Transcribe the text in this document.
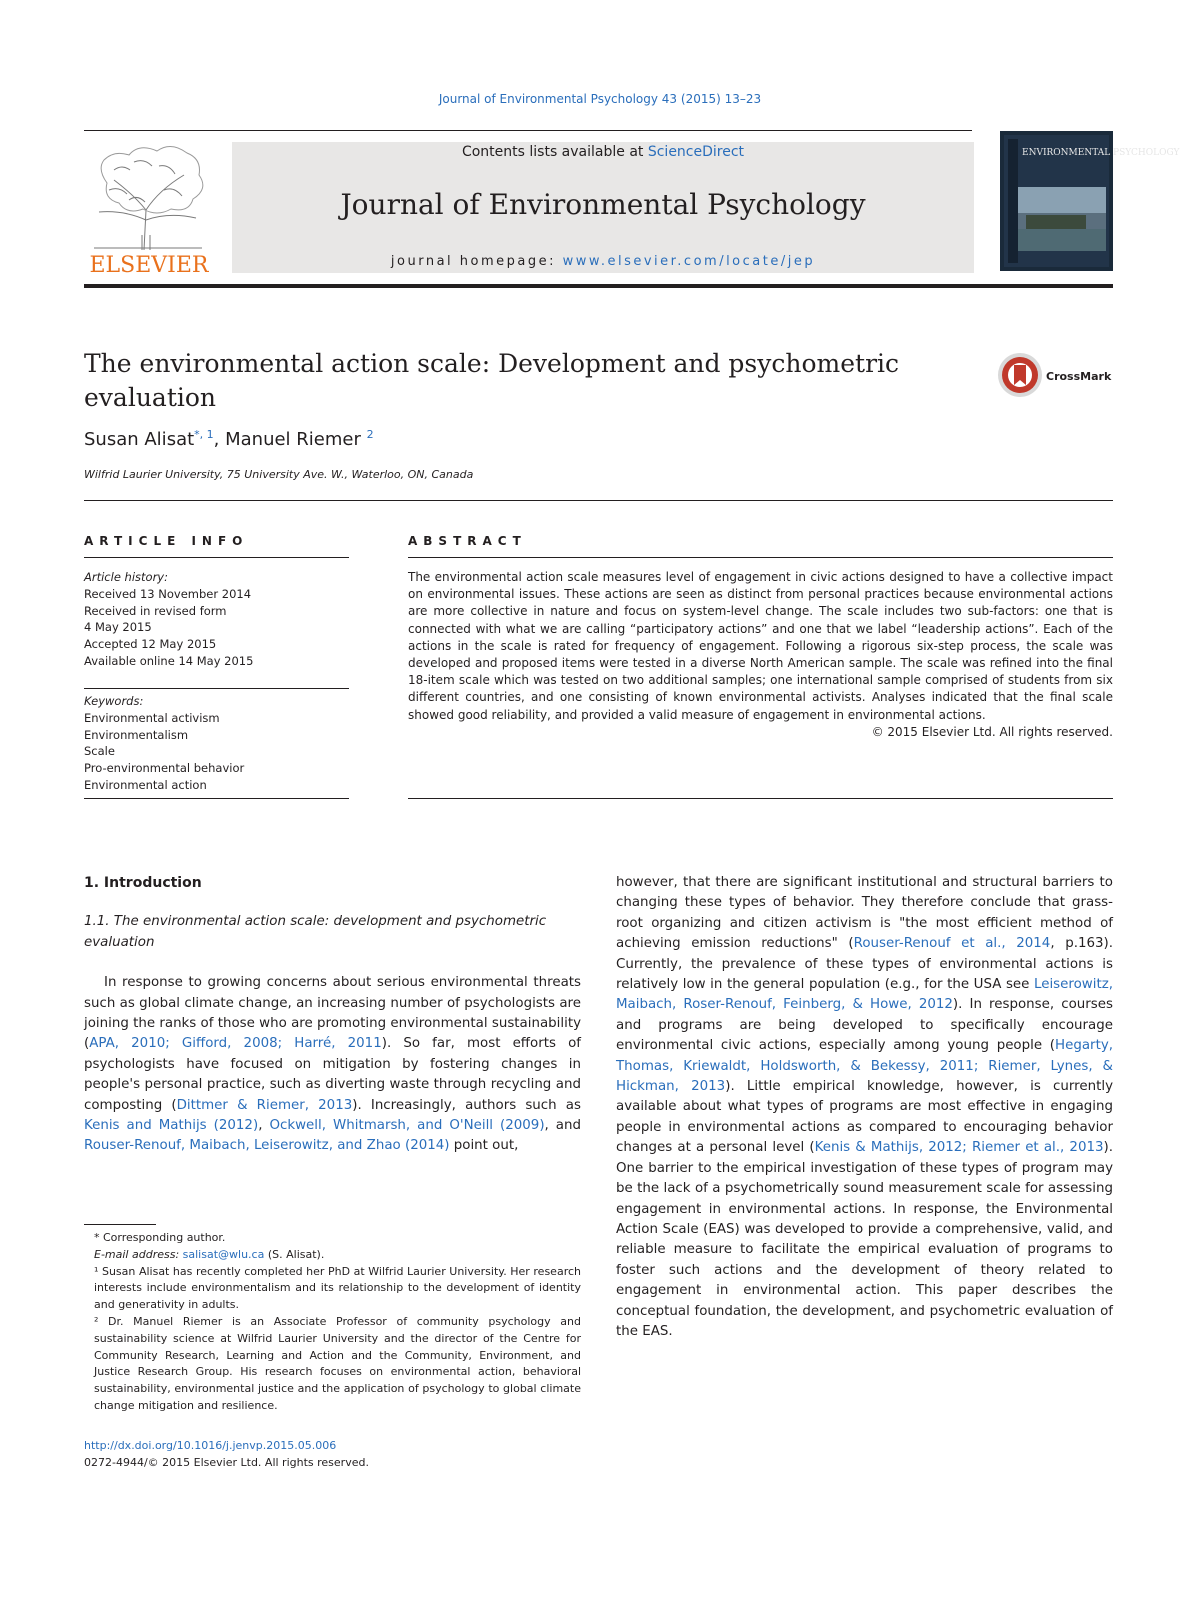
Journal of Environmental Psychology 43 (2015) 13–23
ELSEVIER
Contents lists available at ScienceDirect
Journal of Environmental Psychology
journal homepage: www.elsevier.com/locate/jep
ENVIRONMENTAL PSYCHOLOGY
The environmental action scale: Development and psychometric evaluation
CrossMark
Susan Alisat$^{*, 1}$, Manuel Riemer $^2$
Wilfrid Laurier University, 75 University Ave. W., Waterloo, ON, Canada
ARTICLE INFO	ABSTRACT
Article history:
Received 13 November 2014
Received in revised form
4 May 2015
Accepted 12 May 2015
Available online 14 May 2015
Keywords:
Environmental activism
Environmentalism
Scale
Pro-environmental behavior
Environmental action
The environmental action scale measures level of engagement in civic actions designed to have a collective impact on environmental issues. These actions are seen as distinct from personal practices because environmental actions are more collective in nature and focus on system-level change. The scale includes two sub-factors: one that is connected with what we are calling “participatory actions” and one that we label “leadership actions”. Each of the actions in the scale is rated for frequency of engagement. Following a rigorous six-step process, the scale was developed and proposed items were tested in a diverse North American sample. The scale was refined into the final 18-item scale which was tested on two additional samples; one international sample comprised of students from six different countries, and one consisting of known environmental activists. Analyses indicated that the final scale showed good reliability, and provided a valid measure of engagement in environmental actions.
© 2015 Elsevier Ltd. All rights reserved.
1. Introduction
1.1. The environmental action scale: development and psychometric evaluation

In response to growing concerns about serious environmental threats such as global climate change, an increasing number of psychologists are joining the ranks of those who are promoting environmental sustainability (APA, 2010; Gifford, 2008; Harré, 2011). So far, most efforts of psychologists have focused on mitigation by fostering changes in people's personal practice, such as diverting waste through recycling and composting (Dittmer & Riemer, 2013). Increasingly, authors such as Kenis and Mathijs (2012), Ockwell, Whitmarsh, and O'Neill (2009), and Rouser-Renouf, Maibach, Leiserowitz, and Zhao (2014) point out,

however, that there are significant institutional and structural barriers to changing these types of behavior. They therefore conclude that grass-root organizing and citizen activism is "the most efficient method of achieving emission reductions" (Rouser-Renouf et al., 2014, p.163). Currently, the prevalence of these types of environmental actions is relatively low in the general population (e.g., for the USA see Leiserowitz, Maibach, Roser-Renouf, Feinberg, & Howe, 2012). In response, courses and programs are being developed to specifically encourage environmental civic actions, especially among young people (Hegarty, Thomas, Kriewaldt, Holdsworth, & Bekessy, 2011; Riemer, Lynes, & Hickman, 2013). Little empirical knowledge, however, is currently available about what types of programs are most effective in engaging people in environmental actions as compared to encouraging behavior changes at a personal level (Kenis & Mathijs, 2012; Riemer et al., 2013). One barrier to the empirical investigation of these types of program may be the lack of a psychometrically sound measurement scale for assessing engagement in environmental actions. In response, the Environmental Action Scale (EAS) was developed to provide a comprehensive, valid, and reliable measure to facilitate the empirical evaluation of programs to foster such actions and the development of theory related to engagement in environmental action. This paper describes the conceptual foundation, the development, and psychometric evaluation of the EAS.

* Corresponding author.

E-mail address: salisat@wlu.ca (S. Alisat).

¹ Susan Alisat has recently completed her PhD at Wilfrid Laurier University. Her research interests include environmentalism and its relationship to the development of identity and generativity in adults.

² Dr. Manuel Riemer is an Associate Professor of community psychology and sustainability science at Wilfrid Laurier University and the director of the Centre for Community Research, Learning and Action and the Community, Environment, and Justice Research Group. His research focuses on environmental action, behavioral sustainability, environmental justice and the application of psychology to global climate change mitigation and resilience.

http://dx.doi.org/10.1016/j.jenvp.2015.05.006
0272-4944/© 2015 Elsevier Ltd. All rights reserved.
